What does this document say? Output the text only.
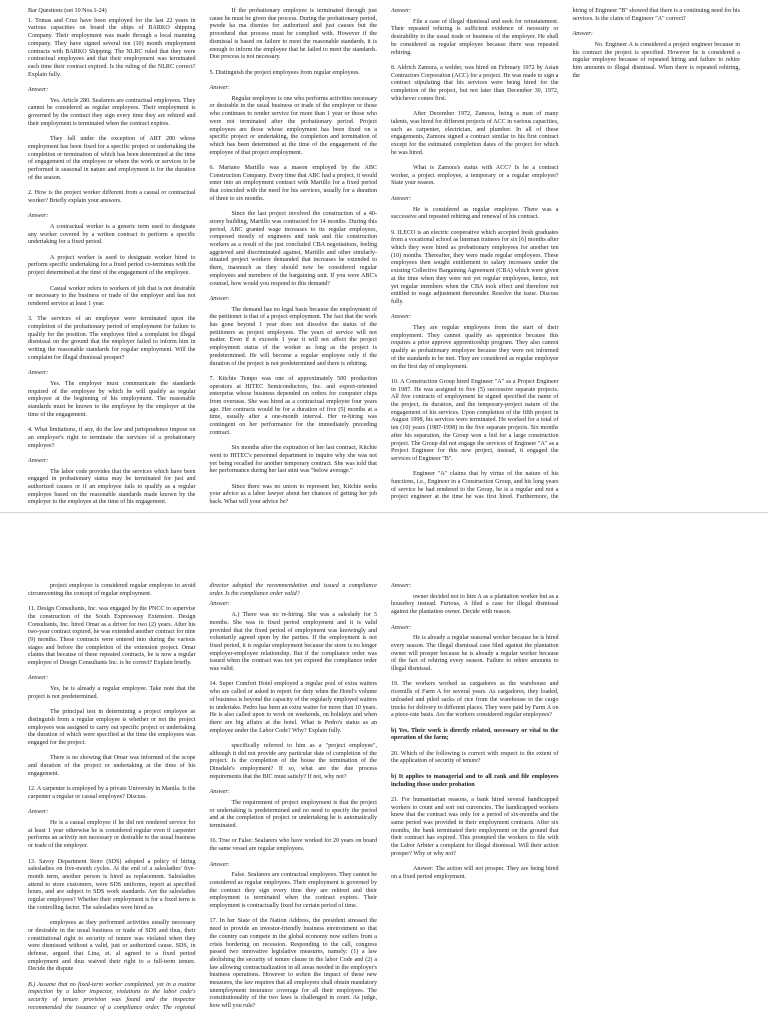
Bar Questions (set 10 Nos.1-24)

1. Tomas and Cruz have been employed for the last 22 years in various capacities on board the ships of BARKO shipping Company. Their employment was made through a local manning company. They have signed several ten (10) month employment contracts with BARKO Shipping. The NLRC ruled that they were contractual employees and that their employment was terminated each time their contract expired. Is the ruling of the NLRC correct? Explain fully.

Answer:

Yes. Article 280. Seafarers are contractual employees. They cannot be considered as regular employees. Their employment is governed by the contract they sign every time they are rehired and their employment is terminated when the contract expires.

They fall under the exception of ART 280 whose employment has been fixed for a specific project or undertaking the completion or termination of which has been determined at the time of engagement of the employee or where the work or services to be performed is seasonal in nature and employment is for the duration of the season.

2. How is the project worker different from a casual or contractual worker? Briefly explain your answers.

Answer:

A contractual worker is a generic term used to designate any worker covered by a written contract to perform a specific undertaking for a fixed period.

A project worker is used to designate worker hired to perform specific undertaking for a fixed period co-terminus with the project determined at the time of the engagement of the employee.

Casual worker refers to workers of job that is not desirable or necessary to the business or trade of the employer and has not rendered service at least 1 year.

3. The services of an employee were terminated upon the completion of the probationary period of employment for failure to qualify for the position. The employee filed a complaint for illegal dismissal on the ground that the employer failed to inform him in writing the reasonable standards for regular employment. Will the complaint for illegal dismissal prosper?

Answer:

Yes. The employer must communicate the standards required of the employee by which he will qualify as regular employee at the beginning of his employment. The reasonable standards must be known to the employee by the employer at the time of the engagement.

4. What limitations, if any, do the law and jurisprudence impose on an employer's right to terminate the services of a probationary employee?

Answer:

The labor code provides that the services which have been engaged in probationary status may be terminated for just and authorized causes or if an employee fails to qualify as a regular employee based on the reasonable standards made known by the employer to the employee at the time of his engagement.

If the probationary employee is terminated through just cause he must be given due process. During the probationary period, pwede ka ma dismiss for authorized and just causes but the procedural due process must be complied with. However if the dismissal is based on failure to meet the reasonable standards, it is enough to inform the employee that he failed to meet the standards. Due process is not necessary.

5. Distinguish the project employees from regular employees.

Answer:

Regular employee is one who performs activities necessary or desirable in the usual business or trade of the employer or those who continues to render service for more than 1 year or those who were not terminated after the probationary period. Project employees are those whose employment has been fixed on a specific project or undertaking, the completion and termination of which has been determined at the time of the engagement of the employee of that project employment.

6. Mariano Martillo was a mason employed by the ABC Construction Company. Every time that ABC had a project, it would enter into an employment contract with Martillo for a fixed period that coincided with the need for his services, usually for a duration of three to six months.

Since the last project involved the construction of a 40-storey building, Martillo was contracted for 14 months. During this period, ABC granted wage increases to its regular employees, composed mostly of engineers and rank and file construction workers as a result of the just concluded CBA negotiations, feeling aggrieved and discriminated against, Martillo and other similarly-situated project workers demanded that increases be extended to them, inasmuch as they should now be considered regular employees and members of the bargaining unit. If you were ABC's counsel, how would you respond to this demand?

Answer:

The demand has no legal basis because the employment of the petitioner is that of a project employment. The fact that the work has gone beyond 1 year does not dissolve the status of the petitioners as project employees. The years of service will not matter. Even if it exceeds 1 year it will not affect the project employment status of the worker as long as the project is predetermined. He will become a regular employee only if the duration of the project is not predetermined and there is rehiring.

7. Kitchie Tempo was one of approximately 500 production operators at HITEC Semiconductors, Inc. and export-oriented enterprise whose business depended on orders for computer chips from overseas. She was hired as a contractual employee four years ago. Her contracts would be for a duration of five (5) months at a time, usually after a one-month interval. Her re-hiring was contingent on her performance for the immediately preceding contract.

Six months after the expiration of her last contract, Kitchie went to HITEC's personnel department to inquire why she was not yet being recalled for another temporary contract. She was told that her performance during her last stint was "below average."

Since there was no union to represent her, Kitchie seeks your advice as a labor lawyer about her chances of getting her job back. What will your advice be?

Answer:

File a case of illegal dismissal and seek for reinstatement. Their repeated rehiring is sufficient evidence of necessity or desirability to the usual trade or business of the employer. He shall be considered as regular employee because there was repeated rehiring.

8. Aldrich Zamora, a welder, was hired on February 1972 by Asian Contractors Corporation (ACC) for a project. He was made to sign a contract stipulating that his services were being hired for the completion of the project, but not later than December 30, 1972, whichever comes first.

After December 1972, Zamora, being a man of many talents, was hired for different projects of ACC in various capacities, such as carpenter, electrician, and plumber. In all of these engagements, Zamora signed a contract similar to his first contract except for the estimated completion dates of the project for which he was hired.

What is Zamora's status with ACC? Is he a contract worker, a project employee, a temporary or a regular employee? State your reason.

Answer:

He is considered as regular employee. There was a successive and repeated rehiring and renewal of his contract.

9. ILECO is an electric cooperative which accepted fresh graduates from a vocational school as lineman trainees for six [6] months after which they were hired as probationary employees for another ten (10) months. Thereafter, they were made regular employees. These employees then sought entitlement to salary increases under the existing Collective Bargaining Agreement (CBA) which were given at the time when they were not yet regular employees, hence, not yet regular members when the CBA took effect and therefore not entitled to wage adjustment thereunder. Resolve the issue. Discuss fully.

Answer:

They are regular employees from the start of their employment. They cannot qualify as apprentice because this requires a prior approve apprenticeship program. They also cannot qualify as probationary employee because they were not informed of the standards to be met. They are considered as regular employee on the first day of employment.

10. A Construction Group hired Engineer "A" as a Project Engineer in 1987. He was assigned to five (5) successive separate projects. All five contracts of employment he signed specified the name of the project, its duration, and the temporary-project nature of the engagement of his services. Upon completion of the fifth project in August 1998, his services were terminated. He worked for a total of ten (10) years (1987-1998) in the five separate projects. Six months after his separation, the Group won a bid for a large construction project. The Group did not engage the services of Engineer "A" as a Project Engineer for this new project, instead, it engaged the services of Engineer "B".

Engineer "A" claims that by virtue of the nature of his functions, i.e., Engineer in a Construction Group, and his long years of service he had rendered to the Group, he is a regular and not a project engineer at the time he was first hired. Furthermore, the hiring of Engineer "B" showed that there is a continuing need for his services. Is the claim of Engineer "A" correct?

Answer:

No. Engineer A is considered a project engineer because in his contract the project is specified. However he is considered a regular employee because of repeated hiring and failure to rehire him amounts to illegal dismissal. When there is repeated rehiring, the

project employee is considered regular employee to avoid circumventing the concept of regular employment.

11. Design Consultants, Inc. was engaged by the PNCC to supervise the construction of the South Expressway Extension. Design Consultants, Inc. hired Omar as a driver for two (2) years. After his two-year contract expired, he was extended another contract for nine (9) months. These contracts were entered into during the various stages and before the completion of the extension project. Omar claims that because of these repeated contracts, he is now a regular employee of Design Consultants Inc. is he correct? Explain briefly.

Answer:

Yes, he is already a regular employee. Take note that the project is not predetermined.

The principal test in determining a project employee as distinguish from a regular employee is whether or not the project employees was assigned to carry out specific project or undertaking the duration of which were specified at the time the employees was engaged for the project.

There is no showing that Omar was informed of the scope and duration of the project or undertaking at the time of his engagement.

12. A carpenter is employed by a private University in Manila. Is the carpenter a regular or casual employee? Discuss.

Answer:

He is a casual employee if he did not rendered service for at least 1 year otherwise he is considered regular even if carpenter performs an activity not necessary or desirable to the usual business or trade of the employer.

13. Savoy Department Store (SDS) adopted a policy of hiring salesladies on five-month cycles. At the end of a salesladies' five-month term, another person is hired as replacement. Salesladies attend to store customers, were SDS uniforms, report at specified hours, and are subject to SDS work standards. Are the salesladies regular employees? Whether their employment is for a fixed term is the controlling factor. The salesladies were hired as

employees as they performed activities usually necessary or desirable in the usual business or trade of SDS and thus, their constitutional right to security of tenure was violated when they were dismissed without a valid, just or authorized cause. SDS, in defense, argued that Lina, et. al agreed to a fixed period employment and thus waived their right to a full-term tenure. Decide the dispute

B.) Assume that no fixed-term worker complained, yet in a routine inspection by a labor inspector, violations to the labor code's security of tenure provision was found and the inspector recommended the issuance of a compliance order. The regional director adopted the recommendation and issued a compliance order. Is the compliance order valid?

Answer:

A.) There was no re-hiring. She was a saleslady for 5 months. She was in fixed period employment and it is valid provided that the fixed period of employment was knowingly and voluntarily agreed upon by the parties. If the employment is not fixed period, it is regular employment because the store is no longer employer-employee relationship. But if the compliance order was issued when the contract was not yet expired the compliance order was valid.

14. Super Comfort Hotel employed a regular pool of extra waiters who are called or asked to report for duty when the Hotel's volume of business is beyond the capacity of the regularly employed waiters to undertake. Pedro has been an extra waiter for more than 10 years. He is also called upon to work on weekends, on holidays and when there are big affairs at the hotel. What is Pedro's status as an employee under the Labor Code? Why? Explain fully.

specifically referred to him as a "project employee", although it did not provide any particular date of completion of the project. Is the completion of the house the termination of the Dinsdale's employment? If so, what are the due process requirements that the BIC must satisfy? If not, why not?

Answer:

The requirement of project employment is that the project or undertaking is predetermined and no need to specify the period and at the completion of project or undertaking he is automatically terminated.

16. True or False: Seafarers who have worked for 20 years on board the same vessel are regular employees.

Answer:

False. Seafarers are contractual employees. They cannot be considered as regular employees. Their employment is governed by the contract they sign every time they are rehired and their employment is terminated when the contract expires. Their employment is contractually fixed for certain period of time.

17. In her State of the Nation Address, the president stressed the need to provide an investor-friendly business environment so that the country can compete in the global economy now suffers from a crisis bordering on recession. Responding to the call, congress passed two innovative legislative measures, namely: (1) a law abolishing the security of tenure clause in the labor Code and (2) a law allowing contractualization in all areas needed in the employer's business operations. However to soften the impact of these new measures, the law requires that all employers shall obtain mandatory unemployment insurance coverage for all their employees. The constitutionality of the two laws is challenged in court. As judge, how will you rule?

Answer:

owner decided not to hire A as a plantation worker but as a houseboy instead. Furious, A filed a case for illegal dismissal against the plantation owner. Decide with reason.

Answer:

He is already a regular seasonal worker because he is hired every season. The illegal dismissal case filed against the plantation owner will prosper because he is already a regular worker because of the fact of rehiring every season. Failure to rehire amounts to illegal dismissal.

19. The workers worked as cargadores as the warehouse and ricemills of Farm A for several years. As cargadores, they loaded, unloaded and piled sacks of rice from the warehouse to the cargo trucks for delivery to different places. They were paid by Farm A on a piece-rate basis. Are the workers considered regular employees?

b) Yes, Their work is directly related, necessary or vital to the operation of the farm;

20. Which of the following is correct with respect to the extent of the application of security of tenure?

b) It applies to managerial and to all rank and file employees including those under probation

21. For humanitarian reasons, a bank hired several handicapped workers to count and sort out currencies. The handicapped workers knew that the contract was only for a period of six-months and the same period was provided in their employment contracts. After six months, the bank terminated their employment on the ground that their contract has expired. This prompted the workers to file with the Labor Arbiter a complaint for illegal dismissal. Will their action prosper? Why or why not?

Answer: The action will not prosper. They are being hired on a fixed period employment.
